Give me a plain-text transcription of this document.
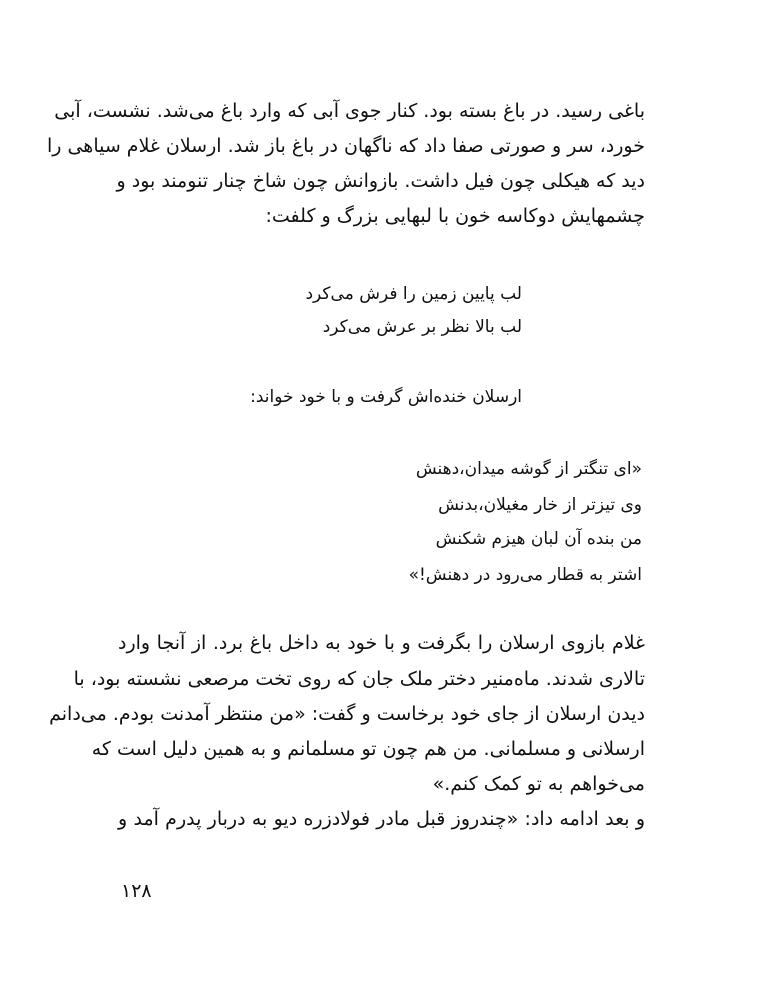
باغی رسید. در باغ بسته بود. کنار جوی آبی که وارد باغ می‌شد. نشست، آبی
خورد، سر و صورتی صفا داد که ناگهان در باغ باز شد. ارسلان غلام سیاهی را
دید که هیکلی چون فیل داشت. بازوانش چون شاخ چنار تنومند بود و
چشمهایش دوکاسه خون با لبهایی بزرگ و کلفت:
لب پایین زمین را فرش می‌کرد
لب بالا نظر بر عرش می‌کرد
ارسلان خنده‌اش گرفت و با خود خواند:
«ای تنگتر از گوشه میدان،دهنش
وی تیزتر از خار مغیلان،بدنش
من بنده آن لبان هیزم شکنش
اشتر به قطار می‌رود در دهنش!»
غلام بازوی ارسلان را بگرفت و با خود به داخل باغ برد. از آنجا وارد
تالاری شدند. ماه‌منیر دختر ملک جان که روی تخت مرصعی نشسته بود، با
دیدن ارسلان از جای خود برخاست و گفت: «من منتظر آمدنت بودم. می‌دانم
ارسلانی و مسلمانی. من هم چون تو مسلمانم و به همین دلیل است که
می‌خواهم به تو کمک کنم.»
و بعد ادامه داد: «چندروز قبل مادر فولادزره دیو به دربار پدرم آمد و
۱۲۸
